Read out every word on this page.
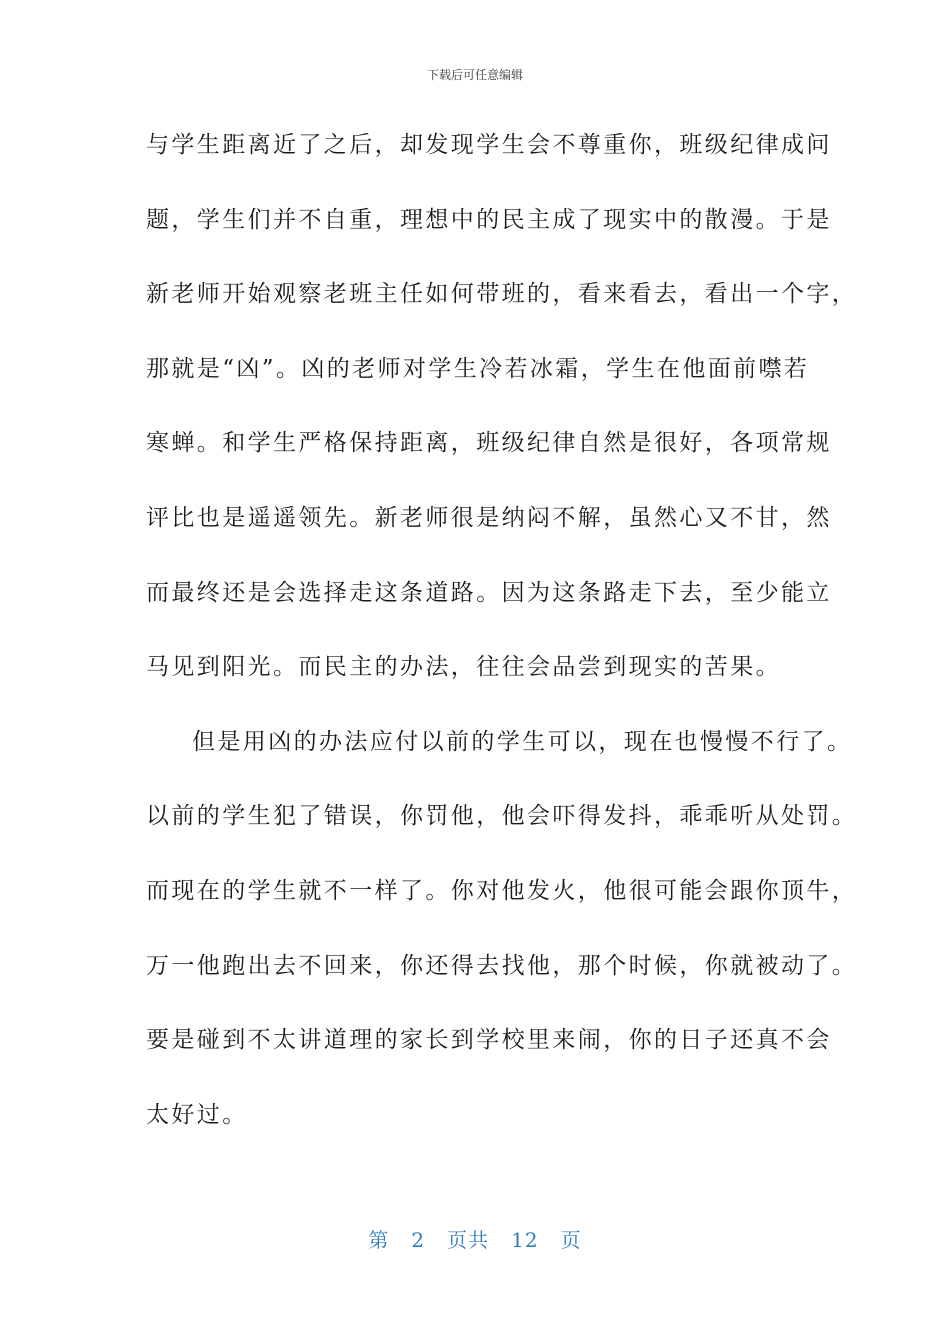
下载后可任意编辑
与学生距离近了之后，却发现学生会不尊重你，班级纪律成问
题，学生们并不自重，理想中的民主成了现实中的散漫。于是
新老师开始观察老班主任如何带班的，看来看去，看出一个字，
那就是“凶”。凶的老师对学生冷若冰霜，学生在他面前噤若
寒蝉。和学生严格保持距离，班级纪律自然是很好，各项常规
评比也是遥遥领先。新老师很是纳闷不解，虽然心又不甘，然
而最终还是会选择走这条道路。因为这条路走下去，至少能立
马见到阳光。而民主的办法，往往会品尝到现实的苦果。
但是用凶的办法应付以前的学生可以，现在也慢慢不行了。
以前的学生犯了错误，你罚他，他会吓得发抖，乖乖听从处罚。
而现在的学生就不一样了。你对他发火，他很可能会跟你顶牛，
万一他跑出去不回来，你还得去找他，那个时候，你就被动了。
要是碰到不太讲道理的家长到学校里来闹，你的日子还真不会
太好过。
第 2 页共 12 页
